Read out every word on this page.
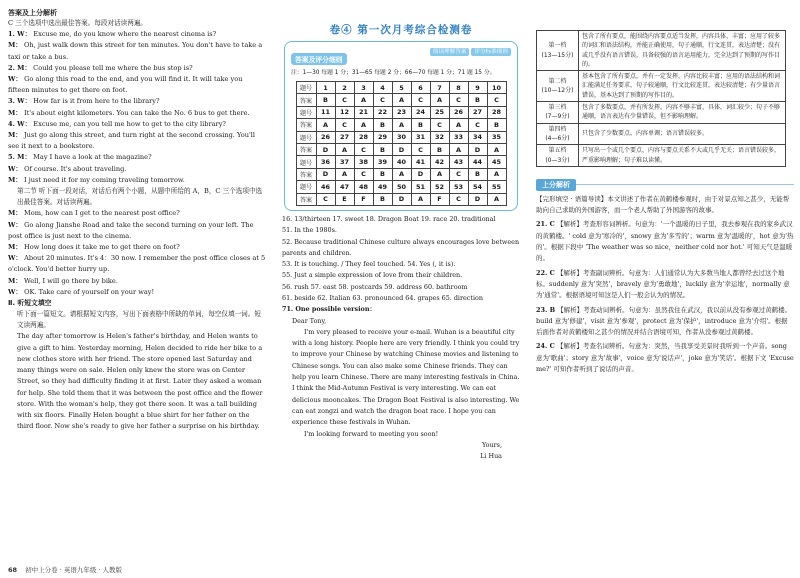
答案及上分解析
C 三个选项中选出最佳答案。每段对话读两遍。
1. W： Excuse me, do you know where the nearest cinema is?
M： Oh, just walk down this street for ten minutes. You don't have to take a taxi or take a bus.
2. M： Could you please tell me where the bus stop is?
W： Go along this road to the end, and you will find it. It will take you fifteen minutes to get there on foot.
3. W： How far is it from here to the library?
M： It's about eight kilometers. You can take the No. 6 bus to get there.
4. W： Excuse me, can you tell me how to get to the city library?
M： Just go along this street, and turn right at the second crossing. You'll see it next to a bookstore.
5. M： May I have a look at the magazine?
W： Of course. It's about traveling.
M： I just need it for my coming traveling tomorrow.
第二节 听下面一段对话，对话后有两个小题，从题中所给的 A，B，C 三个选项中选出最佳答案。对话读两遍。
M： Mom, how can I get to the nearest post office?
W： Go along Jianshe Road and take the second turning on your left. The post office is just next to the cinema.
M： How long does it take me to get there on foot?
W： About 20 minutes. It's 4：30 now. I remember the post office closes at 5 o'clock. You'd better hurry up.
M： Well, I will go there by bike.
W： OK. Take care of yourself on your way!
Ⅱ. 听短文填空
听下面一篇短文。请根据短文内容，写出下面表格中所缺的单词，每空仅填一词。短文读两遍。
The day after tomorrow is Helen's father's birthday, and Helen wants to give a gift to him. Yesterday morning, Helen decided to ride her bike to a new clothes store with her friend. The store opened last Saturday and many things were on sale. Helen only knew the store was on Center Street, so they had difficulty finding it at first. Later they asked a woman for help. She told them that it was between the post office and the flower store. With the woman's help, they got there soon. It was a tall building with six floors. Finally Helen bought a blue shirt for her father on the third floor. Now she's ready to give her father a surprise on his birthday.
68 初中上分卷 · 英语九年级 · 人教版
卷④ 第一次月考综合检测卷
答案及评分细则
阅读理解答案 评分标准细则
注：1—30 每题 1 分；31—65 每题 2 分；66—70 每题 1 分；71 题 15 分。
题号	1	2	3	4	5	6	7	8	9	10
答案	B	C	A	C	A	C	A	C	B	C
题号	11	12	21	22	23	24	25	26	27	28
答案	A	C	A	B	A	B	C	A	C	B
题号	26	27	28	29	30	31	32	33	34	35
答案	D	A	C	B	D	C	B	A	D	A
题号	36	37	38	39	40	41	42	43	44	45
答案	D	A	C	B	A	D	A	C	B	A
题号	46	47	48	49	50	51	52	53	54	55
答案	C	E	F	B	D	A	F	C	D	A
16. 13/thirteen 17. sweet 18. Dragon Boat 19. race 20. traditional
51. In the 1980s.
52. Because traditional Chinese culture always encourages love between parents and children.
53. It is touching. / They feel touched. 54. Yes (, it is).
55. Just a simple expression of love from their children.
56. rush 57. east 58. postcards 59. address 60. bathroom
61. beside 62. Italian 63. pronounced 64. grapes 65. direction
71. One possible version：
Dear Tony,
I'm very pleased to receive your e-mail. Wuhan is a beautiful city with a long history. People here are very friendly. I think you could try to improve your Chinese by watching Chinese movies and listening to Chinese songs. You can also make some Chinese friends. They can help you learn Chinese. There are many interesting festivals in China. I think the Mid-Autumn Festival is very interesting. We can eat delicious mooncakes. The Dragon Boat Festival is also interesting. We can eat zongzi and watch the dragon boat race. I hope you can experience these festivals in Wuhan.
I'm looking forward to meeting you soon!
Yours,
Li Hua
第一档
(13—15分)	包含了所有要点，能围绕内容要点适当发挥，内容具体、丰富；应用了较多的词汇和语法结构，并能正确使用，句子通顺，行文连贯，表达清楚；没有或几乎没有语言错误，具备较强的语言运用能力，完全达到了预期的写作目的。
第二档
(10—12分)	基本包含了所有要点，并有一定发挥，内容比较丰富；应用的语法结构和词汇能满足任务要求，句子较通顺，行文比较连贯，表达较清楚；有少量语言错误，基本达到了预期的写作目的。
第三档
(7—9分)	包含了多数要点，并有所发挥，内容不够丰富、具体，词汇较少；句子不够通顺，语言表达有少量错误，但不影响理解。
第四档
(4—6分)	只包含了少数要点，内容单调；语言错误较多。
第五档
(0—3分)	只写出一个或几个要点，内容与要点关系不大或几乎无关；语言错误较多，严重影响理解；句子难以读懂。
上分解析
【完形填空 · 语篇导读】本文讲述了作者在黄鹤楼参观时，由于对景点知之甚少，无能帮助向自己求助的外国游客，而一个老人帮助了外国游客的故事。
21. C 【解析】考查形容词辨析。句意为：'一个温暖的日子里，我去参观在我的家乡武汉的黄鹤楼。' cold 意为'寒冷的'，snowy 意为'多雪的'；warm 意为'温暖的'，hot 意为'热的'。根据下段中 'The weather was so nice，neither cold nor hot.' 可知天气是温暖的。
22. C 【解析】考查副词辨析。句意为：人们通常认为大多数当地人都曾经去过这个地标。suddenly 意为'突然'，bravely 意为'勇敢地'，luckily 意为'幸运地'，normally 意为'通常'。根据语境可知这是人们一般会认为的情况。
23. B 【解析】考查动词辨析。句意为：虽然我住在武汉，我以前从没有参观过黄鹤楼。build 意为'修建'，visit 意为'参观'，protect 意为'保护'，introduce 意为'介绍'。根据后面作者对黄鹤楼知之甚少的情况并结合语境可知，作者从没参观过黄鹤楼。
24. C 【解析】考查名词辨析。句意为：突然，当我享受美景时我听到一个声音。song 意为'歌曲'；story 意为'故事'，voice 意为'说话声'，joke 意为'笑话'。根据下文 'Excuse me?' 可知作者听到了说话的声音。
